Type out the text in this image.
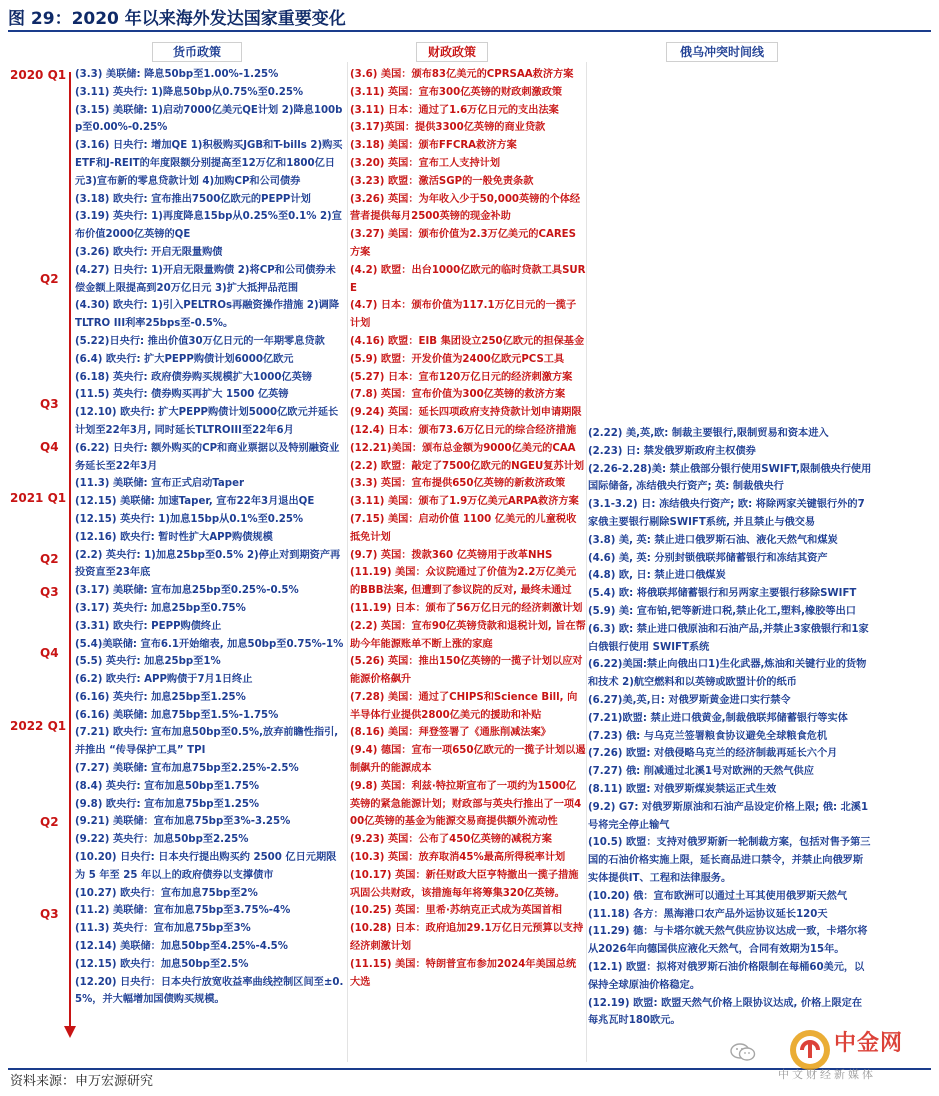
图 29：2020 年以来海外发达国家重要变化
货币政策	财政政策	俄乌冲突时间线
2020 Q1
Q2
Q3
Q4
2021 Q1
Q2
Q3
Q4
2022 Q1
Q2
Q3
(3.3) 美联储: 降息50bp至1.00%-1.25%
(3.11) 英央行: 1)降息50bp从0.75%至0.25%
(3.15) 美联储: 1)启动7000亿美元QE计划 2)降息100bp至0.00%-0.25%
(3.16) 日央行: 增加QE 1)积极购买JGB和T-bills 2)购买ETF和J-REIT的年度限额分别提高至12万亿和1800亿日元3)宣布新的零息贷款计划 4)加购CP和公司债券
(3.18) 欧央行: 宣布推出7500亿欧元的PEPP计划
(3.19) 英央行: 1)再度降息15bp从0.25%至0.1% 2)宣布价值2000亿英镑的QE
(3.26) 欧央行: 开启无限量购债
(4.27) 日央行: 1)开启无限量购债 2)将CP和公司债券未偿金额上限提高到20万亿日元 3)扩大抵押品范围
(4.30) 欧央行: 1)引入PELTROs再融资操作措施 2)调降TLTRO III利率25bps至-0.5%。
(5.22)日央行: 推出价值30万亿日元的一年期零息贷款
(6.4) 欧央行: 扩大PEPP购债计划6000亿欧元
(6.18) 英央行: 政府债券购买规模扩大1000亿英镑
(11.5) 英央行: 债券购买再扩大 1500 亿英镑
(12.10) 欧央行: 扩大PEPP购债计划5000亿欧元并延长计划至22年3月, 同时延长TLTROIII至22年6月
(6.22) 日央行: 额外购买的CP和商业票据以及特别融资业务延长至22年3月
(11.3) 美联储: 宣布正式启动Taper
(12.15) 美联储: 加速Taper, 宣布22年3月退出QE
(12.15) 英央行: 1)加息15bp从0.1%至0.25%
(12.16) 欧央行: 暂时性扩大APP购债规模
(2.2) 英央行: 1)加息25bp至0.5% 2)停止对到期资产再投资直至23年底
(3.17) 美联储: 宣布加息25bp至0.25%-0.5%
(3.17) 英央行: 加息25bp至0.75%
(3.31) 欧央行: PEPP购债终止
(5.4)美联储: 宣布6.1开始缩表, 加息50bp至0.75%-1%
(5.5) 英央行: 加息25bp至1%
(6.2) 欧央行: APP购债于7月1日终止
(6.16) 英央行: 加息25bp至1.25%
(6.16) 美联储: 加息75bp至1.5%-1.75%
(7.21) 欧央行: 宣布加息50bp至0.5%,放弃前瞻性指引, 并推出 “传导保护工具” TPI
(7.27) 美联储: 宣布加息75bp至2.25%-2.5%
(8.4) 英央行: 宣布加息50bp至1.75%
(9.8) 欧央行: 宣布加息75bp至1.25%
(9.21) 美联储：宣布加息75bp至3%-3.25%
(9.22) 英央行：加息50bp至2.25%
(10.20) 日央行: 日本央行提出购买约 2500 亿日元期限为 5 年至 25 年以上的政府债券以支撑债市
(10.27) 欧央行：宣布加息75bp至2%
(11.2) 美联储：宣布加息75bp至3.75%-4%
(11.3) 英央行：宣布加息75bp至3%
(12.14) 美联储：加息50bp至4.25%-4.5%
(12.15) 欧央行：加息50bp至2.5%
(12.20) 日央行：日本央行放宽收益率曲线控制区间至±0.5%，并大幅增加国债购买规模。
(3.6) 美国：颁布83亿美元的CPRSAA救济方案
(3.11) 英国：宣布300亿英镑的财政刺激政策
(3.11) 日本：通过了1.6万亿日元的支出法案
(3.17)英国：提供3300亿英镑的商业贷款
(3.18) 美国：颁布FFCRA救济方案
(3.20) 英国：宣布工人支持计划
(3.23) 欧盟：激活SGP的一般免责条款
(3.26) 英国：为年收入少于50,000英镑的个体经营者提供每月2500英镑的现金补助
(3.27) 美国：颁布价值为2.3万亿美元的CARES方案
(4.2) 欧盟：出台1000亿欧元的临时贷款工具SURE
(4.7) 日本：颁布价值为117.1万亿日元的一揽子计划
(4.16) 欧盟：EIB 集团设立250亿欧元的担保基金
(5.9) 欧盟：开发价值为2400亿欧元PCS工具
(5.27) 日本：宣布120万亿日元的经济刺激方案
(7.8) 英国：宣布价值为300亿英镑的救济方案
(9.24) 英国：延长四项政府支持贷款计划申请期限
(12.4) 日本：颁布73.6万亿日元的综合经济措施
(12.21)美国：颁布总金额为9000亿美元的CAA
(2.2) 欧盟：敲定了7500亿欧元的NGEU复苏计划
(3.3) 英国：宣布提供650亿英镑的新救济政策
(3.11) 美国：颁布了1.9万亿美元ARPA救济方案
(7.15) 美国：启动价值 1100 亿美元的儿童税收抵免计划
(9.7) 英国：拨款360 亿英镑用于改革NHS
(11.19) 美国：众议院通过了价值为2.2万亿美元的BBB法案, 但遭到了参议院的反对, 最终未通过
(11.19) 日本：颁布了56万亿日元的经济刺激计划
(2.2) 英国：宣布90亿英镑贷款和退税计划, 旨在帮助今年能源账单不断上涨的家庭
(5.26) 英国：推出150亿英镑的一揽子计划以应对能源价格飙升
(7.28) 美国：通过了CHIPS和Science Bill, 向半导体行业提供2800亿美元的援助和补贴
(8.16) 美国：拜登签署了《通胀削减法案》
(9.4) 德国：宣布一项650亿欧元的一揽子计划以遏制飙升的能源成本
(9.8) 英国：利兹·特拉斯宣布了一项约为1500亿英镑的紧急能源计划；财政部与英央行推出了一项400亿英镑的基金为能源交易商提供额外流动性
(9.23) 英国：公布了450亿英镑的减税方案
(10.3) 英国：放弃取消45%最高所得税率计划
(10.17) 英国：新任财政大臣亨特撤出一揽子措施巩固公共财政，该措施每年将筹集320亿英镑。
(10.25) 英国：里希·苏纳克正式成为英国首相
(10.28) 日本：政府追加29.1万亿日元预算以支持经济刺激计划
(11.15) 美国：特朗普宣布参加2024年美国总统大选
(2.22) 美,英,欧: 制裁主要银行,限制贸易和资本进入
(2.23) 日: 禁发俄罗斯政府主权债券
(2.26-2.28)美: 禁止俄部分银行使用SWIFT,限制俄央行使用国际储备, 冻结俄央行资产; 英: 制裁俄央行
(3.1-3.2) 日: 冻结俄央行资产; 欧: 将除两家关键银行外的7家俄主要银行剔除SWIFT系统, 并且禁止与俄交易
(3.8) 美, 英: 禁止进口俄罗斯石油、液化天然气和煤炭
(4.6) 美, 英: 分别封锁俄联邦储蓄银行和冻结其资产
(4.8) 欧, 日: 禁止进口俄煤炭
(5.4) 欧: 将俄联邦储蓄银行和另两家主要银行移除SWIFT
(5.9) 美: 宣布铂,钯等新进口税,禁止化工,塑料,橡胶等出口
(6.3) 欧: 禁止进口俄原油和石油产品,并禁止3家俄银行和1家白俄银行使用 SWIFT系统
(6.22)美国:禁止向俄出口1)生化武器,炼油和关键行业的货物和技术 2)航空燃料和以英镑或欧盟计价的纸币
(6.27)美,英,日: 对俄罗斯黄金进口实行禁令
(7.21)欧盟: 禁止进口俄黄金,制裁俄联邦储蓄银行等实体
(7.23) 俄: 与乌克兰签署粮食协议避免全球粮食危机
(7.26) 欧盟: 对俄侵略乌克兰的经济制裁再延长六个月
(7.27) 俄: 削减通过北溪1号对欧洲的天然气供应
(8.11) 欧盟: 对俄罗斯煤炭禁运正式生效
(9.2) G7: 对俄罗斯原油和石油产品设定价格上限; 俄: 北溪1号将完全停止输气
(10.5) 欧盟：支持对俄罗斯新一轮制裁方案，包括对售予第三国的石油价格实施上限，延长商品进口禁令，并禁止向俄罗斯实体提供IT、工程和法律服务。
(10.20) 俄：宣布欧洲可以通过土耳其使用俄罗斯天然气
(11.18) 各方：黑海港口农产品外运协议延长120天
(11.29) 德：与卡塔尔就天然气供应协议达成一致，卡塔尔将从2026年向德国供应液化天然气，合同有效期为15年。
(12.1) 欧盟：拟将对俄罗斯石油价格限制在每桶60美元，以保持全球原油价格稳定。
(12.19) 欧盟: 欧盟天然气价格上限协议达成, 价格上限定在每兆瓦时180欧元。
资料来源：申万宏源研究
中金网
中文财经新媒体
